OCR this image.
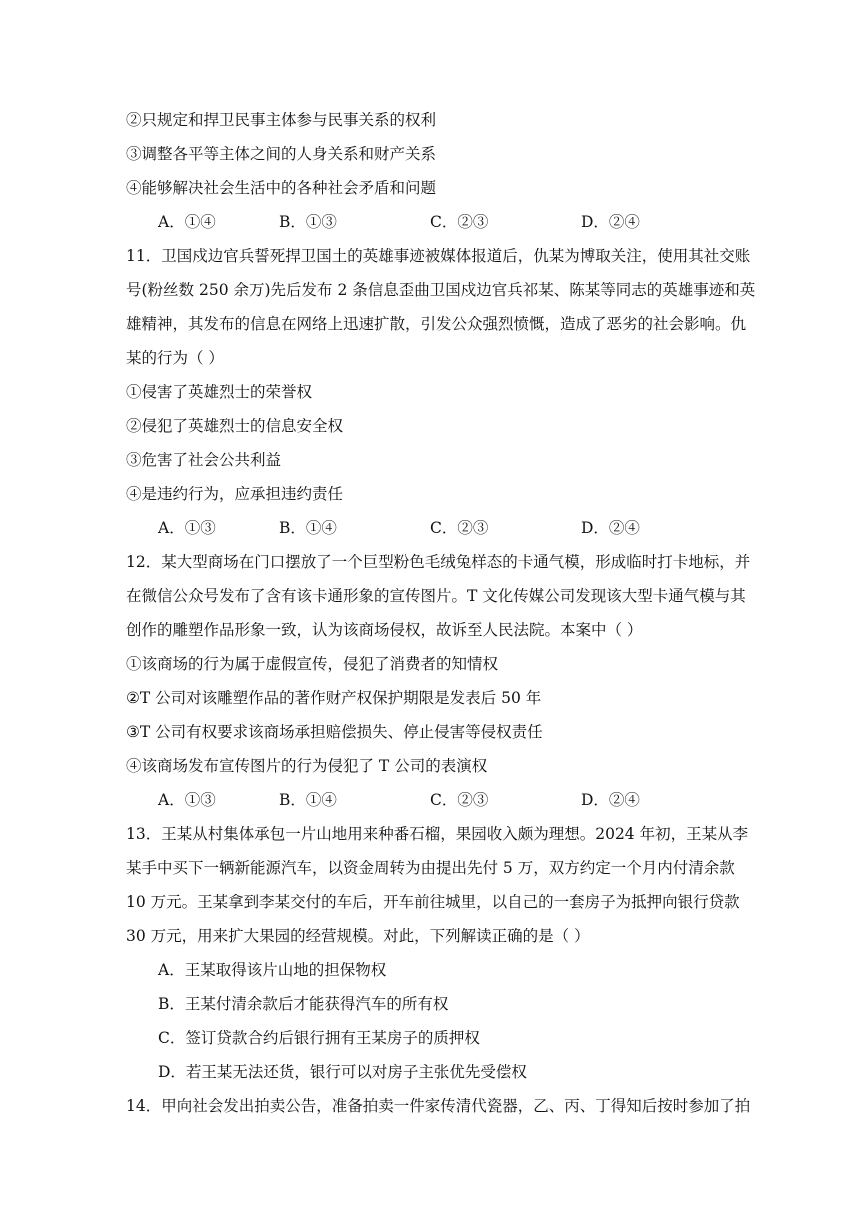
②只规定和捍卫民事主体参与民事关系的权利
③调整各平等主体之间的人身关系和财产关系
④能够解决社会生活中的各种社会矛盾和问题
A．①④	B．①③	C．②③	D．②④
11．卫国戍边官兵誓死捍卫国土的英雄事迹被媒体报道后，仇某为博取关注，使用其社交账
号(粉丝数 250 余万)先后发布 2 条信息歪曲卫国戍边官兵祁某、陈某等同志的英雄事迹和英
雄精神，其发布的信息在网络上迅速扩散，引发公众强烈愤慨，造成了恶劣的社会影响。仇
某的行为（ ）
①侵害了英雄烈士的荣誉权
②侵犯了英雄烈士的信息安全权
③危害了社会公共利益
④是违约行为，应承担违约责任
A．①③	B．①④	C．②③	D．②④
12．某大型商场在门口摆放了一个巨型粉色毛绒兔样态的卡通气模，形成临时打卡地标，并
在微信公众号发布了含有该卡通形象的宣传图片。T 文化传媒公司发现该大型卡通气模与其
创作的雕塑作品形象一致，认为该商场侵权，故诉至人民法院。本案中（ ）
①该商场的行为属于虚假宣传，侵犯了消费者的知情权
②T 公司对该雕塑作品的著作财产权保护期限是发表后 50 年
③T 公司有权要求该商场承担赔偿损失、停止侵害等侵权责任
④该商场发布宣传图片的行为侵犯了 T 公司的表演权
A．①③	B．①④	C．②③	D．②④
13．王某从村集体承包一片山地用来种番石榴，果园收入颇为理想。2024 年初，王某从李
某手中买下一辆新能源汽车，以资金周转为由提出先付 5 万，双方约定一个月内付清余款
10 万元。王某拿到李某交付的车后，开车前往城里，以自己的一套房子为抵押向银行贷款
30 万元，用来扩大果园的经营规模。对此，下列解读正确的是（ ）
A．王某取得该片山地的担保物权
B．王某付清余款后才能获得汽车的所有权
C．签订贷款合约后银行拥有王某房子的质押权
D．若王某无法还货，银行可以对房子主张优先受偿权
14．甲向社会发出拍卖公告，准备拍卖一件家传清代瓷器，乙、丙、丁得知后按时参加了拍
